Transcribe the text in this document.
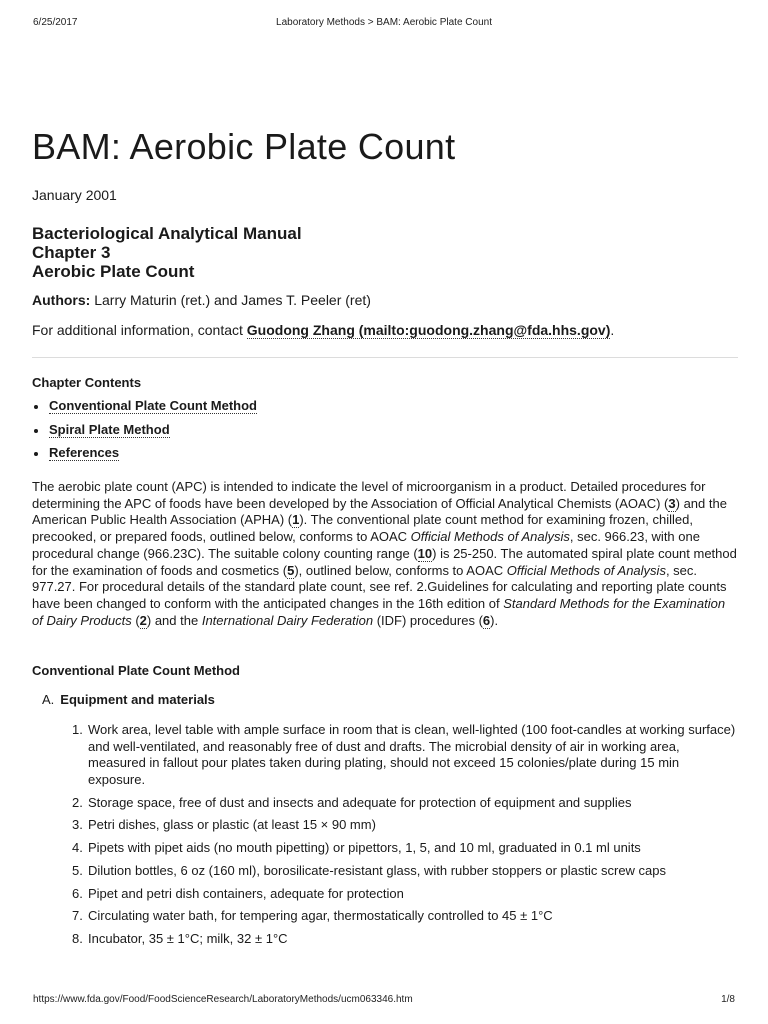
6/25/2017	Laboratory Methods > BAM: Aerobic Plate Count
BAM: Aerobic Plate Count
January 2001
Bacteriological Analytical Manual
Chapter 3
Aerobic Plate Count
Authors: Larry Maturin (ret.) and James T. Peeler (ret)
For additional information, contact Guodong Zhang (mailto:guodong.zhang@fda.hhs.gov).
Chapter Contents
Conventional Plate Count Method
Spiral Plate Method
References

The aerobic plate count (APC) is intended to indicate the level of microorganism in a product. Detailed procedures for determining the APC of foods have been developed by the Association of Official Analytical Chemists (AOAC) (3) and the American Public Health Association (APHA) (1). The conventional plate count method for examining frozen, chilled, precooked, or prepared foods, outlined below, conforms to AOAC Official Methods of Analysis, sec. 966.23, with one procedural change (966.23C). The suitable colony counting range (10) is 25-250. The automated spiral plate count method for the examination of foods and cosmetics (5), outlined below, conforms to AOAC Official Methods of Analysis, sec. 977.27. For procedural details of the standard plate count, see ref. 2.Guidelines for calculating and reporting plate counts have been changed to conform with the anticipated changes in the 16th edition of Standard Methods for the Examination of Dairy Products (2) and the International Dairy Federation (IDF) procedures (6).

Conventional Plate Count Method
A. Equipment and materials
1. Work area, level table with ample surface in room that is clean, well-lighted (100 foot-candles at working surface) and well-ventilated, and reasonably free of dust and drafts. The microbial density of air in working area, measured in fallout pour plates taken during plating, should not exceed 15 colonies/plate during 15 min exposure.
2. Storage space, free of dust and insects and adequate for protection of equipment and supplies
3. Petri dishes, glass or plastic (at least 15 × 90 mm)
4. Pipets with pipet aids (no mouth pipetting) or pipettors, 1, 5, and 10 ml, graduated in 0.1 ml units
5. Dilution bottles, 6 oz (160 ml), borosilicate-resistant glass, with rubber stoppers or plastic screw caps
6. Pipet and petri dish containers, adequate for protection
7. Circulating water bath, for tempering agar, thermostatically controlled to 45 ± 1°C
8. Incubator, 35 ± 1°C; milk, 32 ± 1°C
https://www.fda.gov/Food/FoodScienceResearch/LaboratoryMethods/ucm063346.htm	1/8
